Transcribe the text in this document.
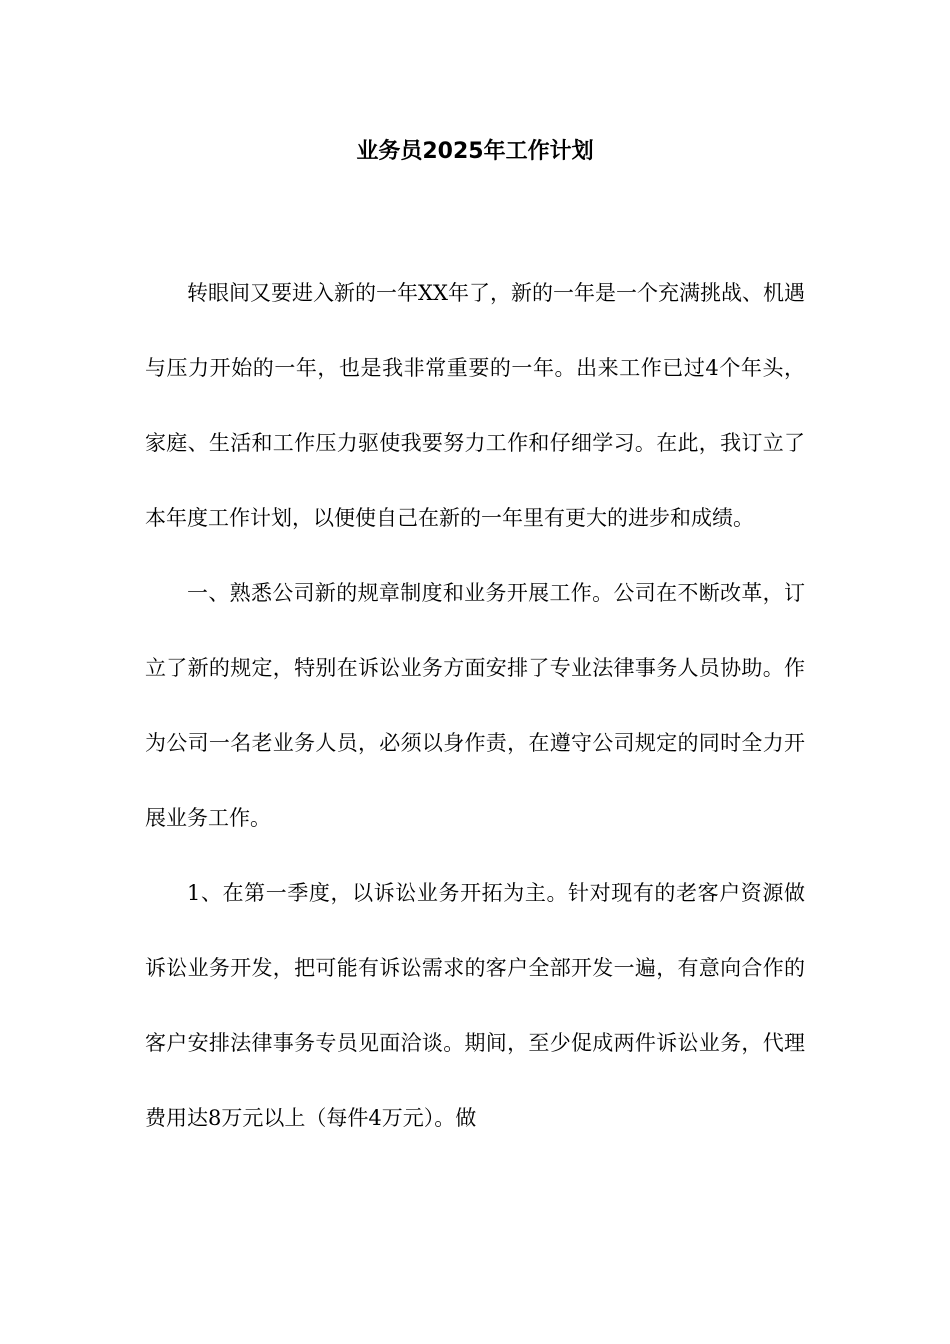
业务员2025年工作计划

转眼间又要进入新的一年XX年了，新的一年是一个充满挑战、机遇与压力开始的一年，也是我非常重要的一年。出来工作已过4个年头，家庭、生活和工作压力驱使我要努力工作和仔细学习。在此，我订立了本年度工作计划，以便使自己在新的一年里有更大的进步和成绩。

一、熟悉公司新的规章制度和业务开展工作。公司在不断改革，订立了新的规定，特别在诉讼业务方面安排了专业法律事务人员协助。作为公司一名老业务人员，必须以身作责，在遵守公司规定的同时全力开展业务工作。

1、在第一季度，以诉讼业务开拓为主。针对现有的老客户资源做诉讼业务开发，把可能有诉讼需求的客户全部开发一遍，有意向合作的客户安排法律事务专员见面洽谈。期间，至少促成两件诉讼业务，代理费用达8万元以上（每件4万元）。做
